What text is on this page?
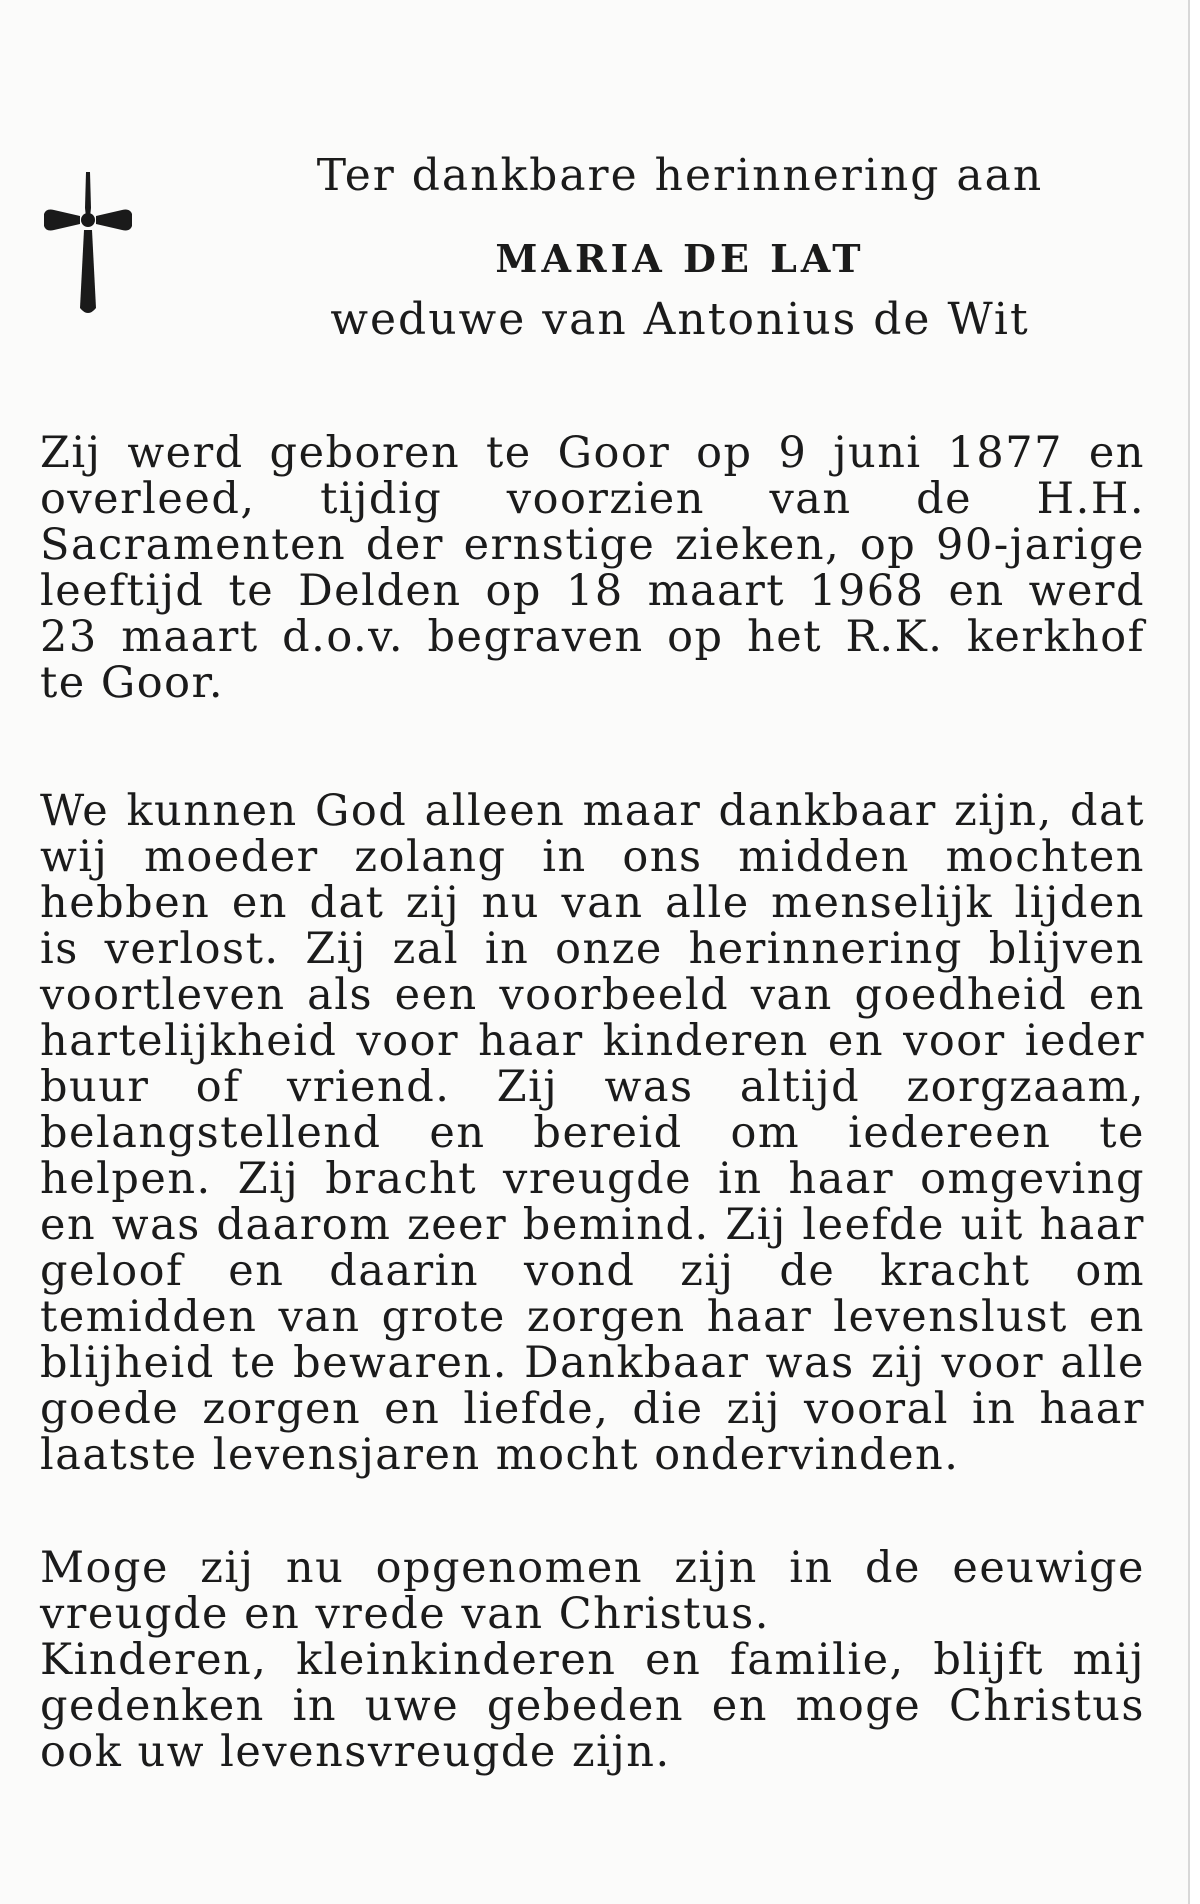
Ter dankbare herinnering aan
MARIA DE LAT
weduwe van Antonius de Wit

Zij werd geboren te Goor op 9 juni 1877 en overleed, tijdig voorzien van de H.H. Sacramenten der ernstige zieken, op 90-jarige leeftijd te Delden op 18 maart 1968 en werd 23 maart d.o.v. begraven op het R.K. kerkhof te Goor.

We kunnen God alleen maar dankbaar zijn, dat wij moeder zolang in ons midden mochten hebben en dat zij nu van alle menselijk lijden is verlost. Zij zal in onze herinnering blijven voortleven als een voorbeeld van goedheid en hartelijkheid voor haar kinderen en voor ieder buur of vriend. Zij was altijd zorgzaam, belangstellend en bereid om iedereen te helpen. Zij bracht vreugde in haar omgeving en was daarom zeer bemind. Zij leefde uit haar geloof en daarin vond zij de kracht om temidden van grote zorgen haar levenslust en blijheid te bewaren. Dankbaar was zij voor alle goede zorgen en liefde, die zij vooral in haar laatste levensjaren mocht ondervinden.

Moge zij nu opgenomen zijn in de eeuwige vreugde en vrede van Christus.

Kinderen, kleinkinderen en familie, blijft mij gedenken in uwe gebeden en moge Christus ook uw levensvreugde zijn.
